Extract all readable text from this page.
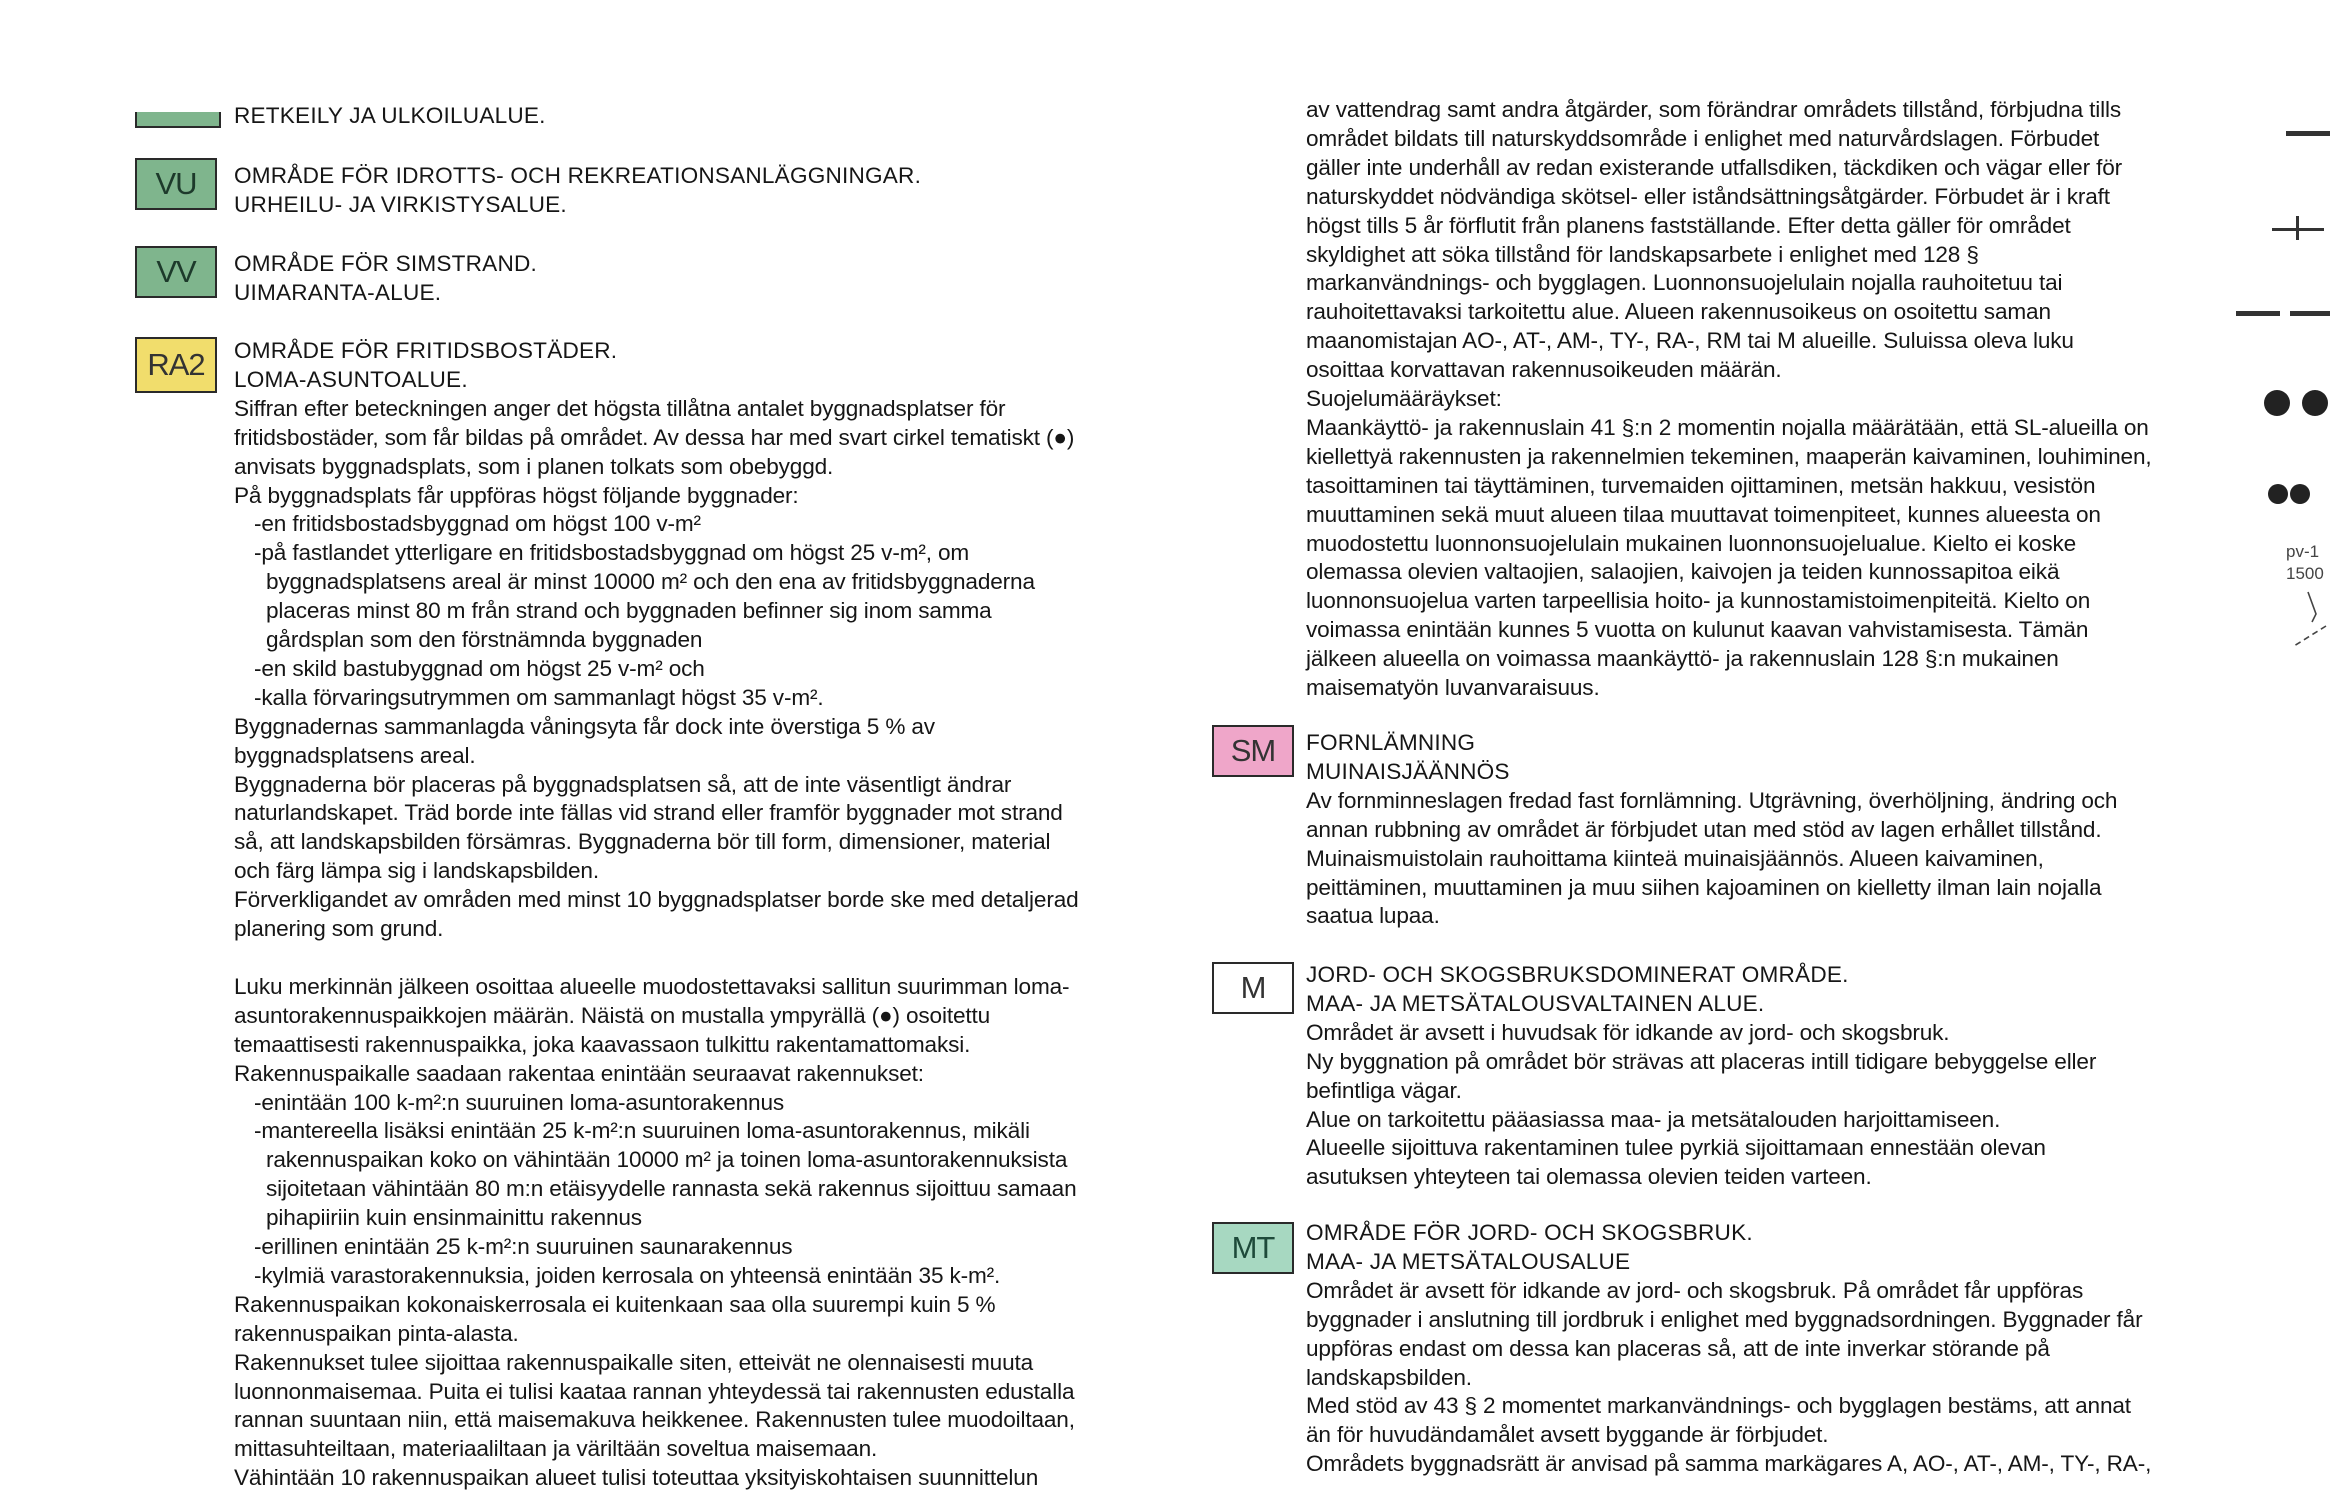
RETKEILY JA ULKOILUALUE.
VU	OMRÅDE FÖR IDROTTS- OCH REKREATIONSANLÄGGNINGAR.
URHEILU- JA VIRKISTYSALUE.
VV	OMRÅDE FÖR SIMSTRAND.
UIMARANTA-ALUE.
RA2	OMRÅDE FÖR FRITIDSBOSTÄDER.
LOMA-ASUNTOALUE.
Siffran efter beteckningen anger det högsta tillåtna antalet byggnadsplatser för
fritidsbostäder, som får bildas på området. Av dessa har med svart cirkel tematiskt (●)
anvisats byggnadsplats, som i planen tolkats som obebyggd.
På byggnadsplats får uppföras högst följande byggnader:
-en fritidsbostadsbyggnad om högst 100 v-m²
-på fastlandet ytterligare en fritidsbostadsbyggnad om högst 25 v-m², om
byggnadsplatsens areal är minst 10000 m² och den ena av fritidsbyggnaderna
placeras minst 80 m från strand och byggnaden befinner sig inom samma
gårdsplan som den förstnämnda byggnaden
-en skild bastubyggnad om högst 25 v-m² och
-kalla förvaringsutrymmen om sammanlagt högst 35 v-m².
Byggnadernas sammanlagda våningsyta får dock inte överstiga 5 % av
byggnadsplatsens areal.
Byggnaderna bör placeras på byggnadsplatsen så, att de inte väsentligt ändrar
naturlandskapet. Träd borde inte fällas vid strand eller framför byggnader mot strand
så, att landskapsbilden försämras. Byggnaderna bör till form, dimensioner, material
och färg lämpa sig i landskapsbilden.
Förverkligandet av områden med minst 10 byggnadsplatser borde ske med detaljerad
planering som grund.
Luku merkinnän jälkeen osoittaa alueelle muodostettavaksi sallitun suurimman loma-
asuntorakennuspaikkojen määrän. Näistä on mustalla ympyrällä (●) osoitettu
temaattisesti rakennuspaikka, joka kaavassaon tulkittu rakentamattomaksi.
Rakennuspaikalle saadaan rakentaa enintään seuraavat rakennukset:
-enintään 100 k-m²:n suuruinen loma-asuntorakennus
-mantereella lisäksi enintään 25 k-m²:n suuruinen loma-asuntorakennus, mikäli
rakennuspaikan koko on vähintään 10000 m² ja toinen loma-asuntorakennuksista
sijoitetaan vähintään 80 m:n etäisyydelle rannasta sekä rakennus sijoittuu samaan
pihapiiriin kuin ensinmainittu rakennus
-erillinen enintään 25 k-m²:n suuruinen saunarakennus
-kylmiä varastorakennuksia, joiden kerrosala on yhteensä enintään 35 k-m².
Rakennuspaikan kokonaiskerrosala ei kuitenkaan saa olla suurempi kuin 5 %
rakennuspaikan pinta-alasta.
Rakennukset tulee sijoittaa rakennuspaikalle siten, etteivät ne olennaisesti muuta
luonnonmaisemaa. Puita ei tulisi kaataa rannan yhteydessä tai rakennusten edustalla
rannan suuntaan niin, että maisemakuva heikkenee. Rakennusten tulee muodoiltaan,
mittasuhteiltaan, materiaaliltaan ja väriltään soveltua maisemaan.
Vähintään 10 rakennuspaikan alueet tulisi toteuttaa yksityiskohtaisen suunnittelun
av vattendrag samt andra åtgärder, som förändrar områdets tillstånd, förbjudna tills
området bildats till naturskyddsområde i enlighet med naturvårdslagen. Förbudet
gäller inte underhåll av redan existerande utfallsdiken, täckdiken och vägar eller för
naturskyddet nödvändiga skötsel- eller iståndsättningsåtgärder. Förbudet är i kraft
högst tills 5 år förflutit från planens fastställande. Efter detta gäller för området
skyldighet att söka tillstånd för landskapsarbete i enlighet med 128 §
markanvändnings- och bygglagen. Luonnonsuojelulain nojalla rauhoitetuu tai
rauhoitettavaksi tarkoitettu alue. Alueen rakennusoikeus on osoitettu saman
maanomistajan AO-, AT-, AM-, TY-, RA-, RM tai M alueille. Suluissa oleva luku
osoittaa korvattavan rakennusoikeuden määrän.
Suojelumääräykset:
Maankäyttö- ja rakennuslain 41 §:n 2 momentin nojalla määrätään, että SL-alueilla on
kiellettyä rakennusten ja rakennelmien tekeminen, maaperän kaivaminen, louhiminen,
tasoittaminen tai täyttäminen, turvemaiden ojittaminen, metsän hakkuu, vesistön
muuttaminen sekä muut alueen tilaa muuttavat toimenpiteet, kunnes alueesta on
muodostettu luonnonsuojelulain mukainen luonnonsuojelualue. Kielto ei koske
olemassa olevien valtaojien, salaojien, kaivojen ja teiden kunnossapitoa eikä
luonnonsuojelua varten tarpeellisia hoito- ja kunnostamistoimenpiteitä. Kielto on
voimassa enintään kunnes 5 vuotta on kulunut kaavan vahvistamisesta. Tämän
jälkeen alueella on voimassa maankäyttö- ja rakennuslain 128 §:n mukainen
maisematyön luvanvaraisuus.
SM	FORNLÄMNING
MUINAISJÄÄNNÖS
Av fornminneslagen fredad fast fornlämning. Utgrävning, överhöljning, ändring och
annan rubbning av området är förbjudet utan med stöd av lagen erhållet tillstånd.
Muinaismuistolain rauhoittama kiinteä muinaisjäännös. Alueen kaivaminen,
peittäminen, muuttaminen ja muu siihen kajoaminen on kielletty ilman lain nojalla
saatua lupaa.
M	JORD- OCH SKOGSBRUKSDOMINERAT OMRÅDE.
MAA- JA METSÄTALOUSVALTAINEN ALUE.
Området är avsett i huvudsak för idkande av jord- och skogsbruk.
Ny byggnation på området bör strävas att placeras intill tidigare bebyggelse eller
befintliga vägar.
Alue on tarkoitettu pääasiassa maa- ja metsätalouden harjoittamiseen.
Alueelle sijoittuva rakentaminen tulee pyrkiä sijoittamaan ennestään olevan
asutuksen yhteyteen tai olemassa olevien teiden varteen.
MT	OMRÅDE FÖR JORD- OCH SKOGSBRUK.
MAA- JA METSÄTALOUSALUE
Området är avsett för idkande av jord- och skogsbruk. På området får uppföras
byggnader i anslutning till jordbruk i enlighet med byggnadsordningen. Byggnader får
uppföras endast om dessa kan placeras så, att de inte inverkar störande på
landskapsbilden.
Med stöd av 43 § 2 momentet markanvändnings- och bygglagen bestäms, att annat
än för huvudändamålet avsett byggande är förbjudet.
Områdets byggnadsrätt är anvisad på samma markägares A, AO-, AT-, AM-, TY-, RA-,
pv-1
1500
